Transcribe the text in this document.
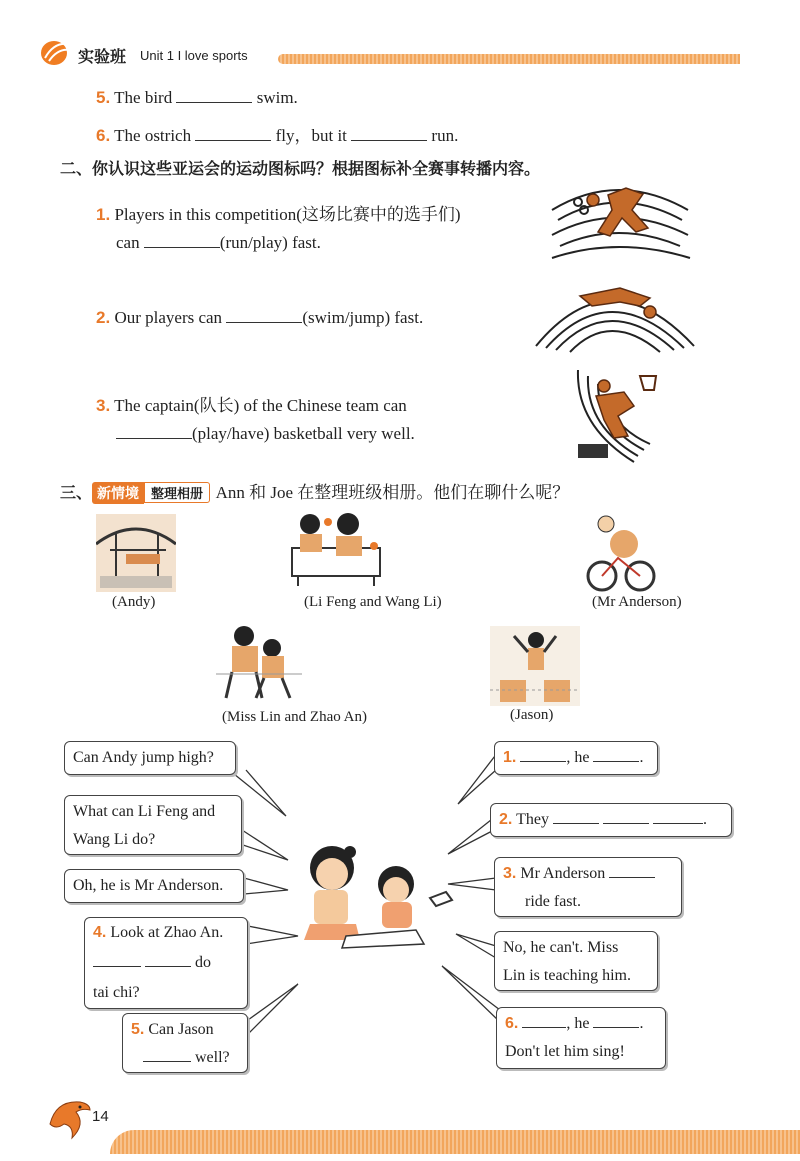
实验班 Unit 1 I love sports
5. The bird	swim.
6. The ostrich	fly，but it	run.
二、你认识这些亚运会的运动图标吗？根据图标补全赛事转播内容。
1. Players in this competition(这场比赛中的选手们)
can	(run/play) fast.
2. Our players can	(swim/jump) fast.
3. The captain(队长) of the Chinese team can
(play/have) basketball very well.
三、 新情境 整理相册 Ann 和 Joe 在整理班级相册。他们在聊什么呢？
(Andy)	(Li Feng and Wang Li)	(Mr Anderson)
(Miss Lin and Zhao An)	(Jason)
Can Andy jump high?
What can Li Feng and
Wang Li do?
Oh, he is Mr Anderson.
4. Look at Zhao An.
do
tai chi?
5. Can Jason
well?
1.	, he	.
2. They	.
3. Mr Anderson
ride fast.
No, he can't. Miss
Lin is teaching him.
6.	, he	.
Don't let him sing!
14
